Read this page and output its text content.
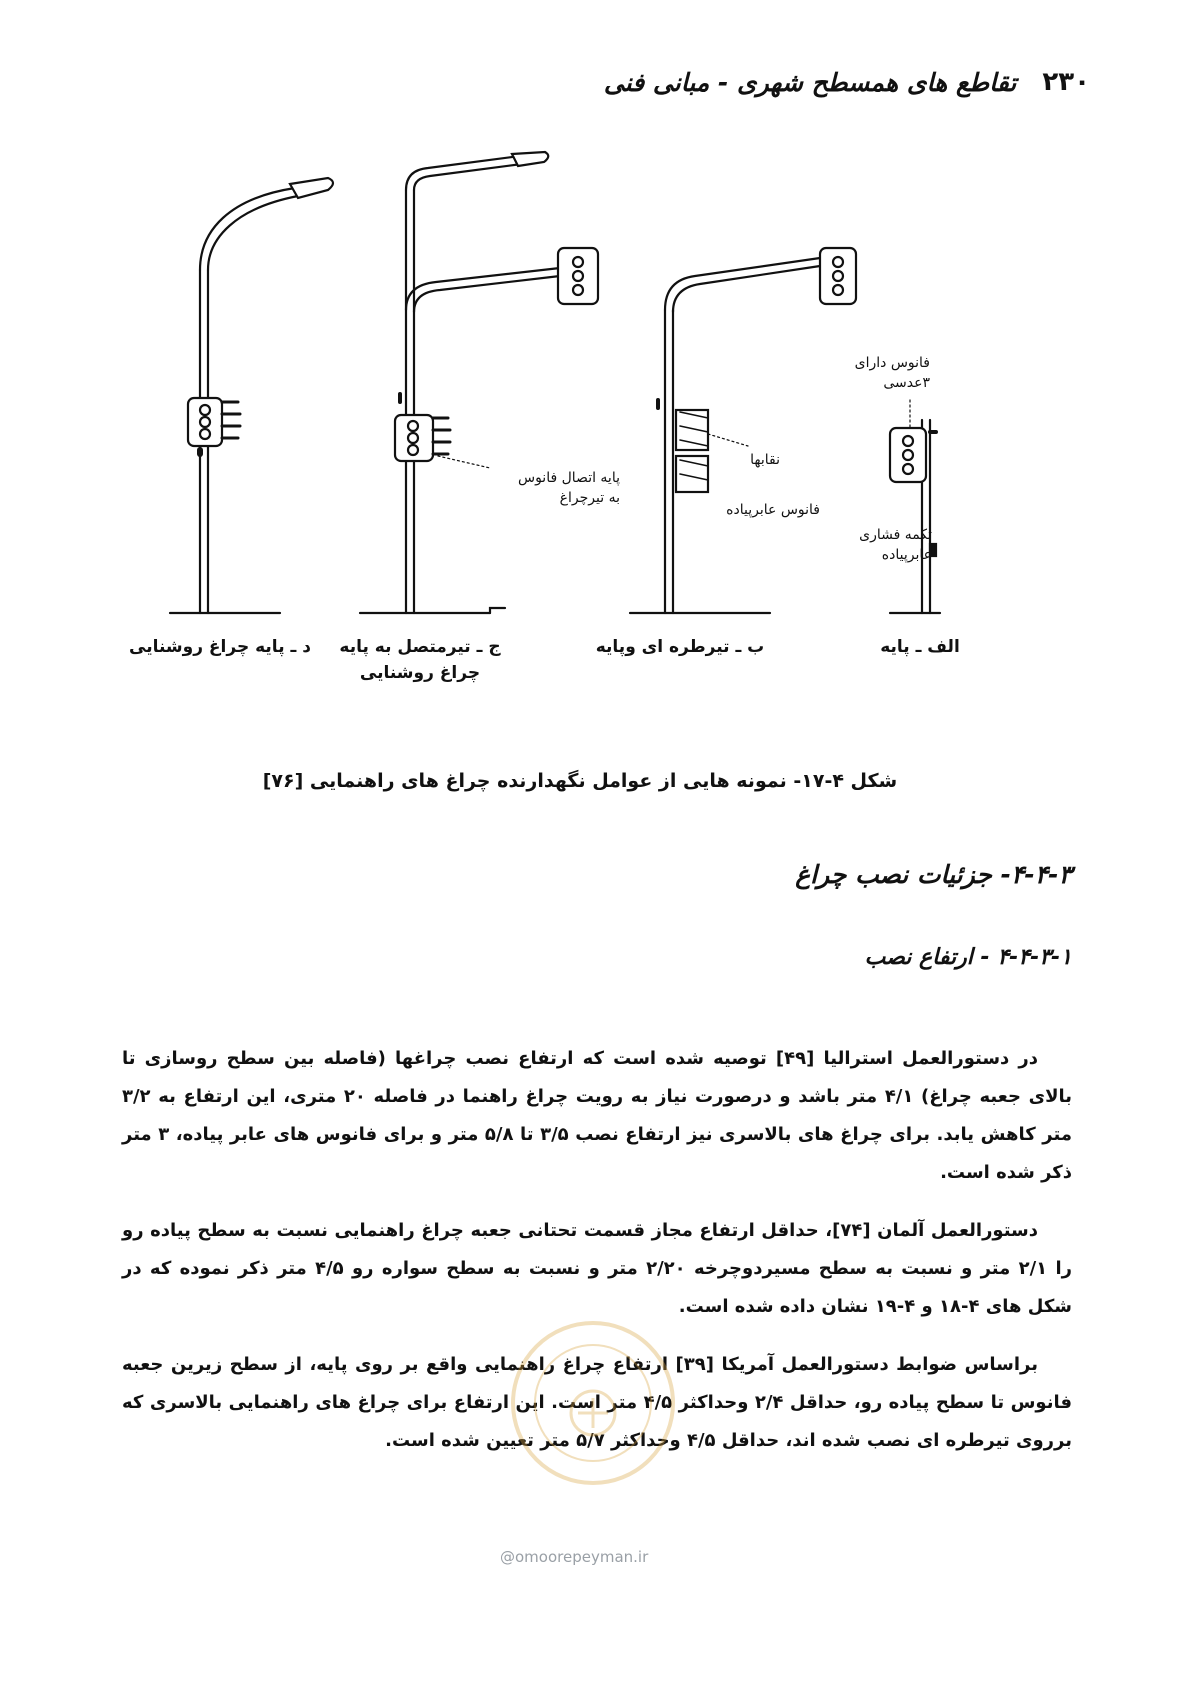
۲۳۰
تقاطع های همسطح شهری - مبانی فنی
فانوس دارای
۳عدسی
تکمه فشاری
عابرپیاده
نقابها
فانوس عابرپیاده
پایه اتصال فانوس
به تیرچراغ
الف ـ پایه
ب ـ تیرطره ای وپایه
ج ـ تیرمتصل به پایه
چراغ روشنایی
د ـ پایه چراغ روشنایی
شکل ۴-۱۷- نمونه هایی از عوامل نگهدارنده چراغ های راهنمایی [۷۶]
۴-۴-۳- جزئیات نصب چراغ
۴-۴-۳-۱ - ارتفاع نصب

در دستورالعمل استرالیا [۴۹] توصیه شده است که ارتفاع نصب چراغها (فاصله بین سطح روسازی تا بالای جعبه چراغ) ۴/۱ متر باشد و درصورت نیاز به رویت چراغ راهنما در فاصله ۲۰ متری، این ارتفاع به ۳/۲ متر کاهش یابد. برای چراغ های بالاسری نیز ارتفاع نصب ۳/۵ تا ۵/۸ متر و برای فانوس های عابر پیاده، ۳ متر ذکر شده است.

دستورالعمل آلمان [۷۴]، حداقل ارتفاع مجاز قسمت تحتانی جعبه چراغ راهنمایی نسبت به سطح پیاده رو را ۲/۱ متر و نسبت به سطح مسیردوچرخه ۲/۲۰ متر و نسبت به سطح سواره رو ۴/۵ متر ذکر نموده که در شکل های ۴-۱۸ و ۴-۱۹ نشان داده شده است.

براساس ضوابط دستورالعمل آمریکا [۳۹] ارتفاع چراغ راهنمایی واقع بر روی پایه، از سطح زیرین جعبه فانوس تا سطح پیاده رو، حداقل ۲/۴ وحداکثر ۴/۵ متر است. این ارتفاع برای چراغ های راهنمایی بالاسری که برروی تیرطره ای نصب شده اند، حداقل ۴/۵ وحداکثر ۵/۷ متر تعیین شده است.

@omoorepeyman.ir
